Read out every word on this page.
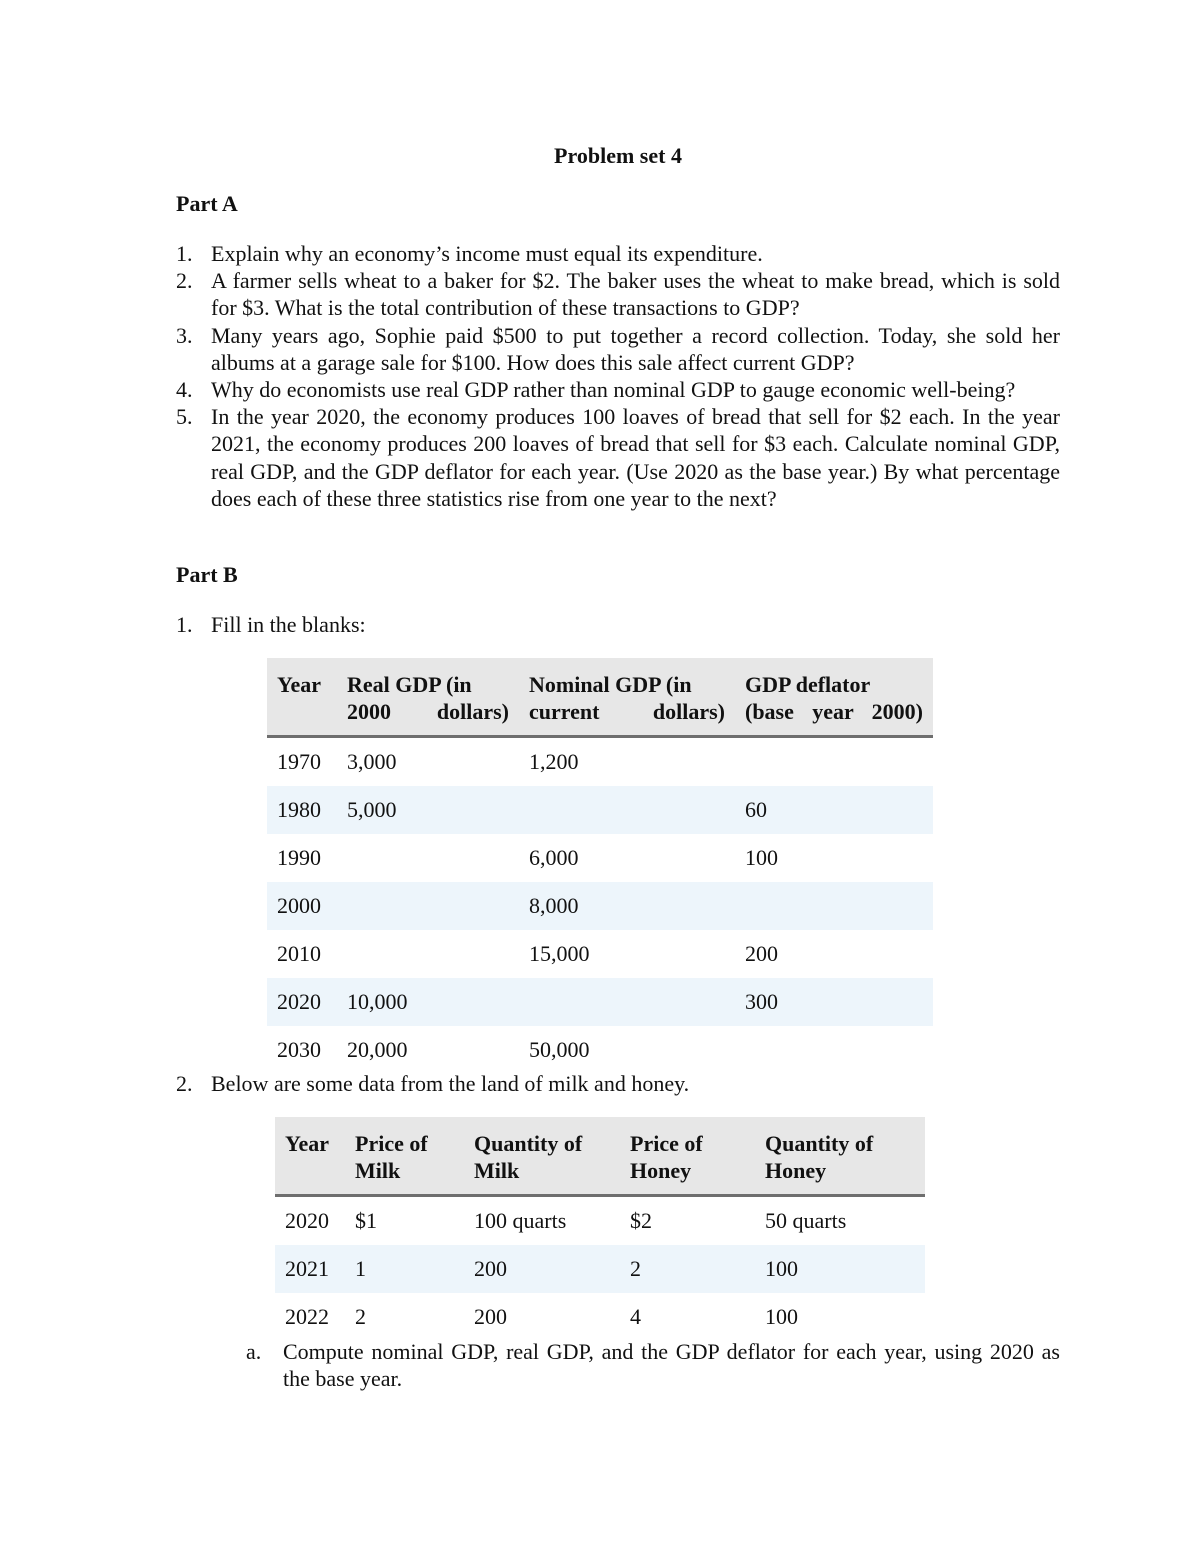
Problem set 4
Part A
1. Explain why an economy’s income must equal its expenditure.
2. A farmer sells wheat to a baker for $2. The baker uses the wheat to make bread, which is sold for $3. What is the total contribution of these transactions to GDP?
3. Many years ago, Sophie paid $500 to put together a record collection. Today, she sold her albums at a garage sale for $100. How does this sale affect current GDP?
4. Why do economists use real GDP rather than nominal GDP to gauge economic well-being?
5. In the year 2020, the economy produces 100 loaves of bread that sell for $2 each. In the year 2021, the economy produces 200 loaves of bread that sell for $3 each. Calculate nominal GDP, real GDP, and the GDP deflator for each year. (Use 2020 as the base year.) By what percentage does each of these three statistics rise from one year to the next?
Part B
1. Fill in the blanks:
Year	Real GDP (in 2000 dollars)	Nominal GDP (in current dollars)	GDP deflator (base year 2000)
1970	3,000	1,200	
1980	5,000		60
1990		6,000	100
2000		8,000	
2010		15,000	200
2020	10,000		300
2030	20,000	50,000	
2. Below are some data from the land of milk and honey.
Year	Price of Milk	Quantity of Milk	Price of Honey	Quantity of Honey
2020	$1	100 quarts	$2	50 quarts
2021	1	200	2	100
2022	2	200	4	100
a. Compute nominal GDP, real GDP, and the GDP deflator for each year, using 2020 as the base year.
